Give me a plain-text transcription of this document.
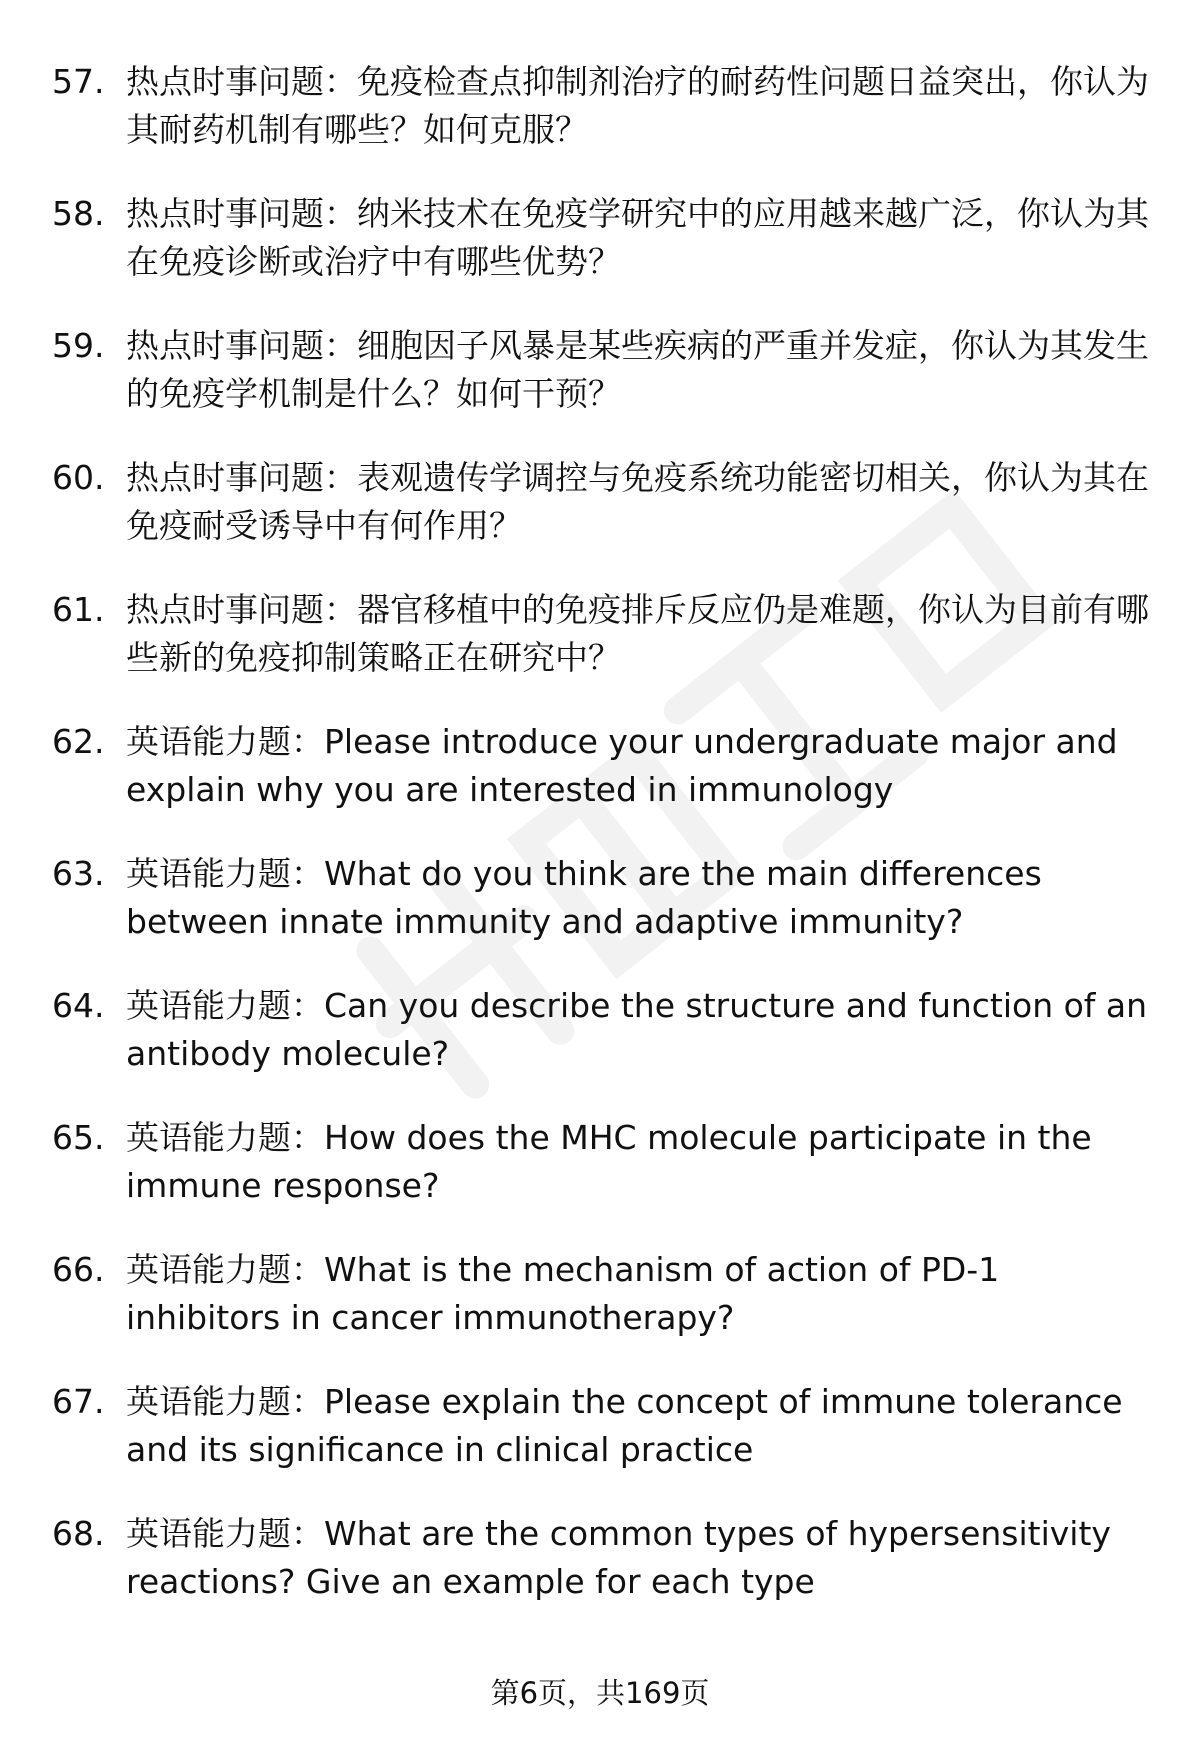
57. 热点时事问题：免疫检查点抑制剂治疗的耐药性问题日益突出，你认为其耐药机制有哪些？如何克服？
58. 热点时事问题：纳米技术在免疫学研究中的应用越来越广泛，你认为其在免疫诊断或治疗中有哪些优势？
59. 热点时事问题：细胞因子风暴是某些疾病的严重并发症，你认为其发生的免疫学机制是什么？如何干预？
60. 热点时事问题：表观遗传学调控与免疫系统功能密切相关，你认为其在免疫耐受诱导中有何作用？
61. 热点时事问题：器官移植中的免疫排斥反应仍是难题，你认为目前有哪些新的免疫抑制策略正在研究中？
62. 英语能力题：Please introduce your undergraduate major and explain why you are interested in immunology
63. 英语能力题：What do you think are the main differences between innate immunity and adaptive immunity?
64. 英语能力题：Can you describe the structure and function of an antibody molecule?
65. 英语能力题：How does the MHC molecule participate in the immune response?
66. 英语能力题：What is the mechanism of action of PD-1 inhibitors in cancer immunotherapy?
67. 英语能力题：Please explain the concept of immune tolerance and its significance in clinical practice
68. 英语能力题：What are the common types of hypersensitivity reactions? Give an example for each type
第6页，共169页
